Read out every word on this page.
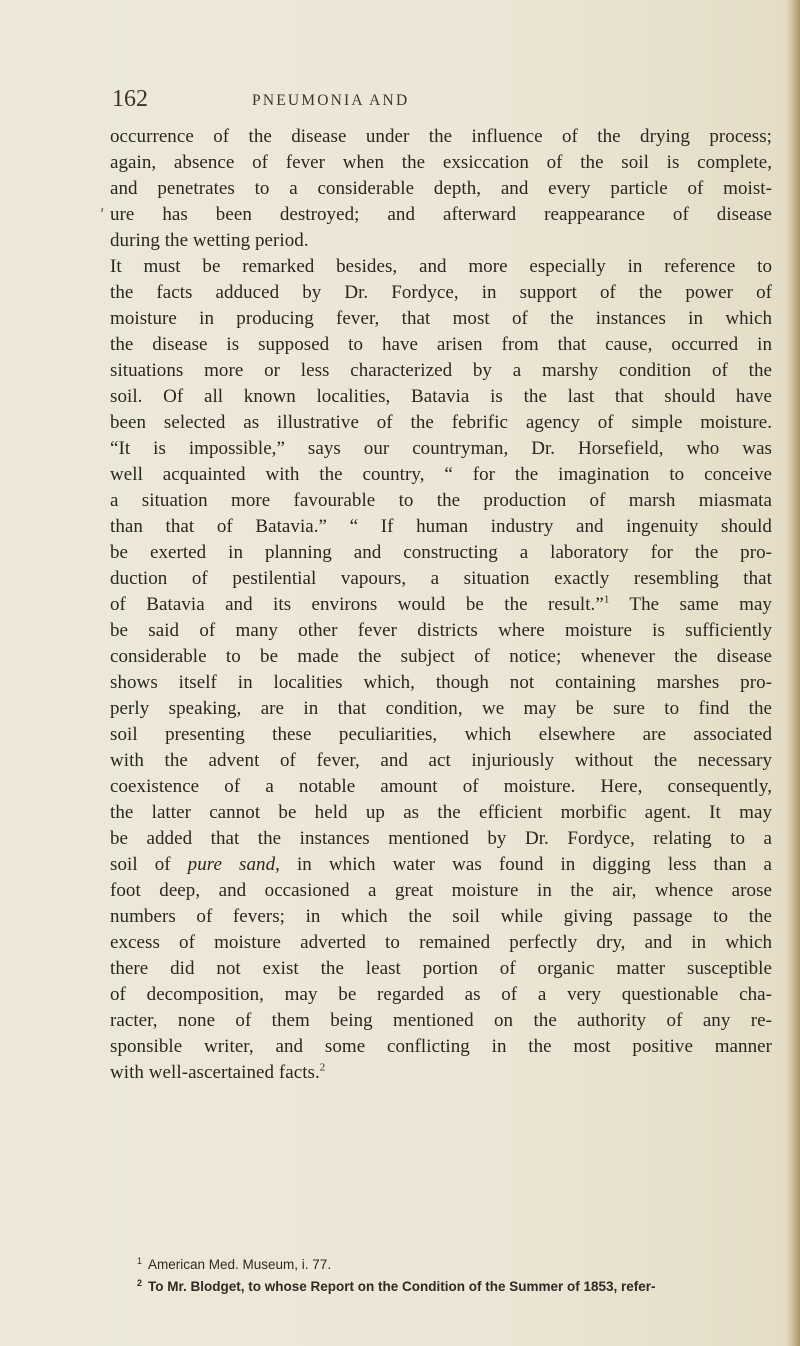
162	PNEUMONIA AND
ʹ
occurrence of the disease under the influence of the drying process;
again, absence of fever when the exsiccation of the soil is complete,
and penetrates to a considerable depth, and every particle of moist-
ure has been destroyed; and afterward reappearance of disease
during the wetting period.
It must be remarked besides, and more especially in reference to
the facts adduced by Dr. Fordyce, in support of the power of
moisture in producing fever, that most of the instances in which
the disease is supposed to have arisen from that cause, occurred in
situations more or less characterized by a marshy condition of the
soil. Of all known localities, Batavia is the last that should have
been selected as illustrative of the febrific agency of simple moisture.
“It is impossible,” says our countryman, Dr. Horsefield, who was
well acquainted with the country, “ for the imagination to conceive
a situation more favourable to the production of marsh miasmata
than that of Batavia.” “ If human industry and ingenuity should
be exerted in planning and constructing a laboratory for the pro-
duction of pestilential vapours, a situation exactly resembling that
of Batavia and its environs would be the result.”$^1$ The same may
be said of many other fever districts where moisture is sufficiently
considerable to be made the subject of notice; whenever the disease
shows itself in localities which, though not containing marshes pro-
perly speaking, are in that condition, we may be sure to find the
soil presenting these peculiarities, which elsewhere are associated
with the advent of fever, and act injuriously without the necessary
coexistence of a notable amount of moisture. Here, consequently,
the latter cannot be held up as the efficient morbific agent. It may
be added that the instances mentioned by Dr. Fordyce, relating to a
soil of pure sand, in which water was found in digging less than a
foot deep, and occasioned a great moisture in the air, whence arose
numbers of fevers; in which the soil while giving passage to the
excess of moisture adverted to remained perfectly dry, and in which
there did not exist the least portion of organic matter susceptible
of decomposition, may be regarded as of a very questionable cha-
racter, none of them being mentioned on the authority of any re-
sponsible writer, and some conflicting in the most positive manner
with well-ascertained facts.$^2$
1 American Med. Museum, i. 77.
2 To Mr. Blodget, to whose Report on the Condition of the Summer of 1853, refer-
